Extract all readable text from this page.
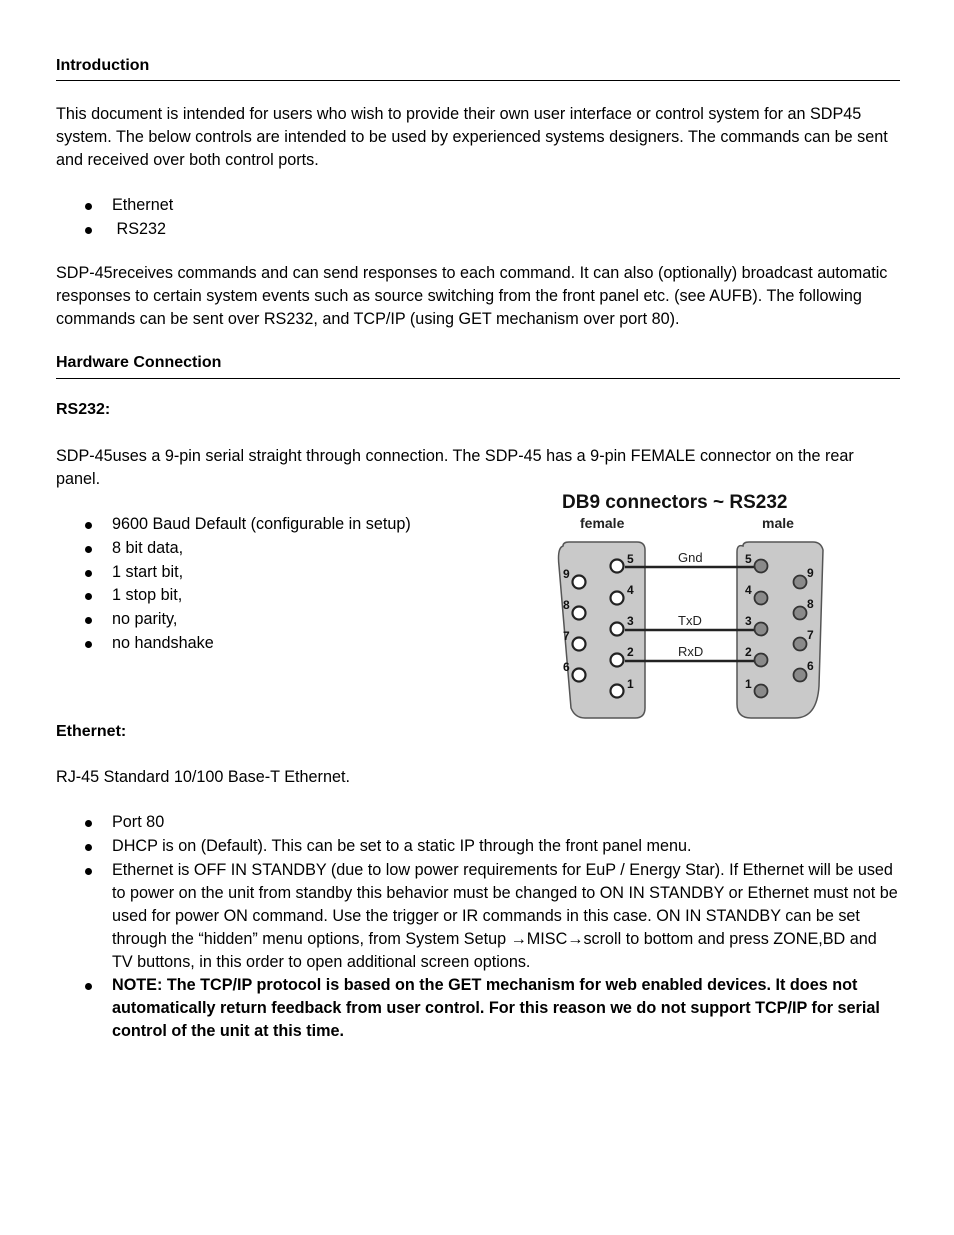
Introduction

This document is intended for users who wish to provide their own user interface or control system for an SDP45 system. The below controls are intended to be used by experienced systems designers. The commands can be sent and received over both control ports.

Ethernet
RS232

SDP-45receives commands and can send responses to each command. It can also (optionally) broadcast automatic responses to certain system events such as source switching from the front panel etc. (see AUFB). The following commands can be sent over RS232, and TCP/IP (using GET mechanism over port 80).

Hardware Connection
RS232:

SDP-45uses a 9-pin serial straight through connection. The SDP-45 has a 9-pin FEMALE connector on the rear panel.

9600 Baud Default (configurable in setup)
8 bit data,
1 start bit,
1 stop bit,
no parity,
no handshake
Ethernet:

RJ-45 Standard 10/100 Base-T Ethernet.

Port 80
DHCP is on (Default). This can be set to a static IP through the front panel menu.
Ethernet is OFF IN STANDBY (due to low power requirements for EuP / Energy Star). If Ethernet will be used to power on the unit from standby this behavior must be changed to ON IN STANDBY or Ethernet must not be used for power ON command. Use the trigger or IR commands in this case. ON IN STANDBY can be set through the “hidden” menu options, from System Setup →MISC→scroll to bottom and press ZONE,BD and TV buttons, in this order to open additional screen options.
NOTE: The TCP/IP protocol is based on the GET mechanism for web enabled devices. It does not automatically return feedback from user control. For this reason we do not support TCP/IP for serial control of the unit at this time.
DB9 connectors ~ RS232
female	male
Gnd
TxD
RxD
5
4
3
2
1
9
8
7
6
5
4
3
2
1
9
8
7
6
